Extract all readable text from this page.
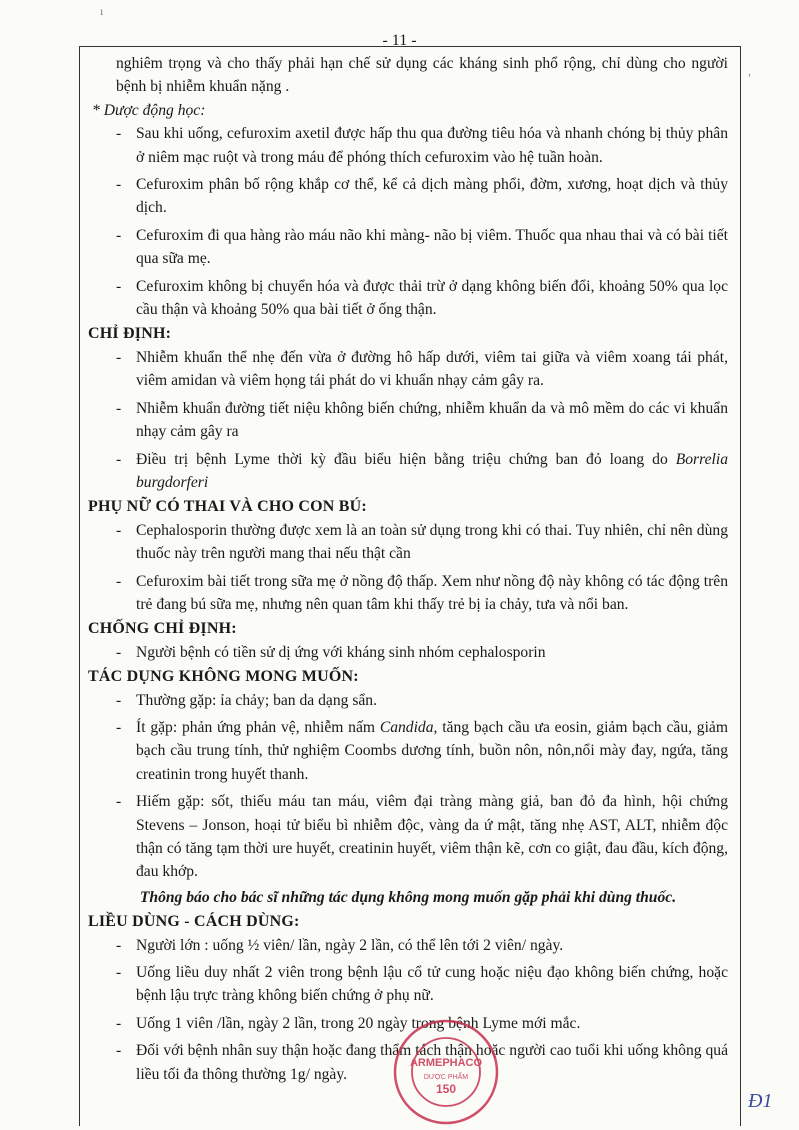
- 11 -
ı
,

nghiêm trọng và cho thấy phải hạn chế sử dụng các kháng sinh phổ rộng, chỉ dùng cho người bệnh bị nhiễm khuẩn nặng .

* Dược động học:

- Sau khi uống, cefuroxim axetil được hấp thu qua đường tiêu hóa và nhanh chóng bị thủy phân ở niêm mạc ruột và trong máu để phóng thích cefuroxim vào hệ tuần hoàn.

- Cefuroxim phân bố rộng khắp cơ thể, kể cả dịch màng phổi, đờm, xương, hoạt dịch và thủy dịch.

- Cefuroxim đi qua hàng rào máu não khi màng- não bị viêm. Thuốc qua nhau thai và có bài tiết qua sữa mẹ.

- Cefuroxim không bị chuyển hóa và được thải trừ ở dạng không biến đổi, khoảng 50% qua lọc cầu thận và khoảng 50% qua bài tiết ở ống thận.

CHỈ ĐỊNH:

- Nhiễm khuẩn thể nhẹ đến vừa ở đường hô hấp dưới, viêm tai giữa và viêm xoang tái phát, viêm amidan và viêm họng tái phát do vi khuẩn nhạy cảm gây ra.

- Nhiễm khuẩn đường tiết niệu không biến chứng, nhiễm khuẩn da và mô mềm do các vi khuẩn nhạy cảm gây ra

- Điều trị bệnh Lyme thời kỳ đầu biểu hiện bằng triệu chứng ban đỏ loang do Borrelia burgdorferi

PHỤ NỮ CÓ THAI VÀ CHO CON BÚ:

- Cephalosporin thường được xem là an toàn sử dụng trong khi có thai. Tuy nhiên, chỉ nên dùng thuốc này trên người mang thai nếu thật cần

- Cefuroxim bài tiết trong sữa mẹ ở nồng độ thấp. Xem như nồng độ này không có tác động trên trẻ đang bú sữa mẹ, nhưng nên quan tâm khi thấy trẻ bị ỉa chảy, tưa và nổi ban.

CHỐNG CHỈ ĐỊNH:

- Người bệnh có tiền sử dị ứng với kháng sinh nhóm cephalosporin

TÁC DỤNG KHÔNG MONG MUỐN:

- Thường gặp: ỉa chảy; ban da dạng sẩn.

- Ít gặp: phản ứng phản vệ, nhiễm nấm Candida, tăng bạch cầu ưa eosin, giảm bạch cầu, giảm bạch cầu trung tính, thử nghiệm Coombs dương tính, buồn nôn, nôn,nổi mày đay, ngứa, tăng creatinin trong huyết thanh.

- Hiếm gặp: sốt, thiếu máu tan máu, viêm đại tràng màng giả, ban đỏ đa hình, hội chứng Stevens – Jonson, hoại tử biểu bì nhiễm độc, vàng da ứ mật, tăng nhẹ AST, ALT, nhiễm độc thận có tăng tạm thời ure huyết, creatinin huyết, viêm thận kẽ, cơn co giật, đau đầu, kích động, đau khớp.

Thông báo cho bác sĩ những tác dụng không mong muốn gặp phải khi dùng thuốc.

LIỀU DÙNG - CÁCH DÙNG:

- Người lớn : uống ½ viên/ lần, ngày 2 lần, có thể lên tới 2 viên/ ngày.

- Uống liều duy nhất 2 viên trong bệnh lậu cổ tử cung hoặc niệu đạo không biến chứng, hoặc bệnh lậu trực tràng không biến chứng ở phụ nữ.

- Uống 1 viên /lần, ngày 2 lần, trong 20 ngày trong bệnh Lyme mới mắc.

- Đối với bệnh nhân suy thận hoặc đang thẩm tách thận hoặc người cao tuổi khi uống không quá liều tối đa thông thường 1g/ ngày.

ARMEPHACO
DƯỢC PHẨM
150
Đ1
